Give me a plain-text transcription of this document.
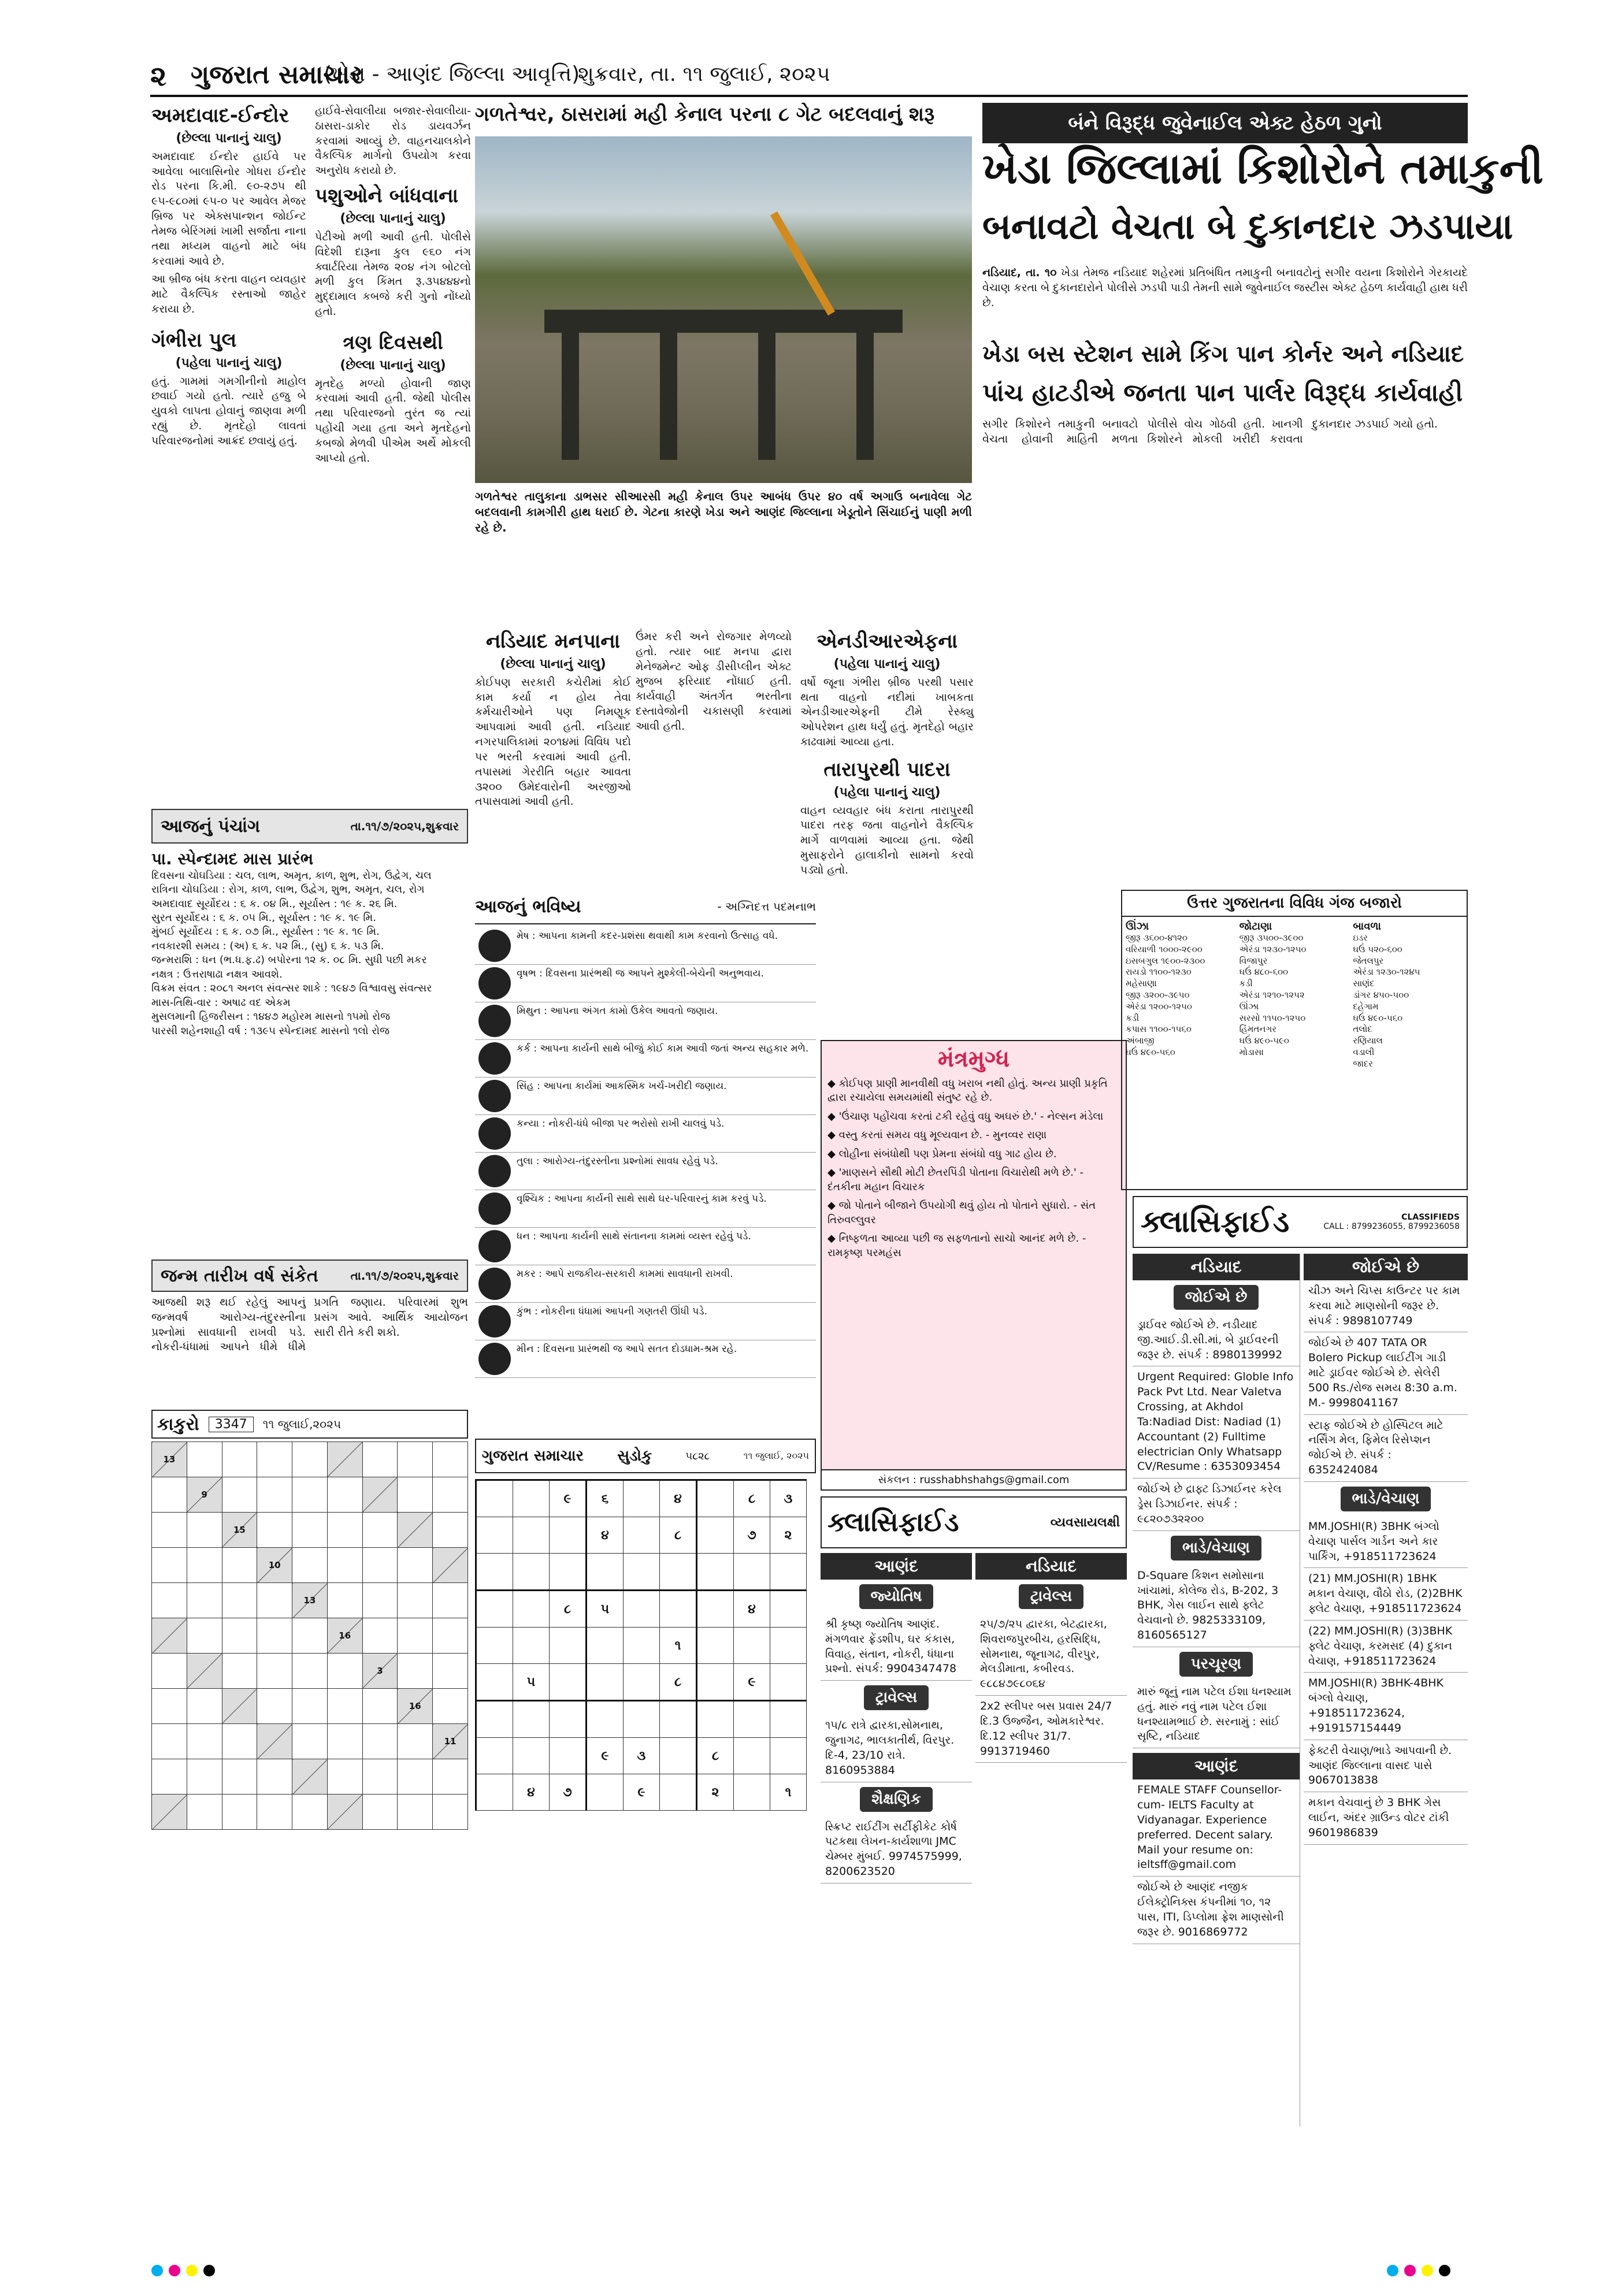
૨ ગુજરાત સમાચાર
(ખેડા - આણંદ જિલ્લા આવૃત્તિ)
શુક્રવાર, તા. ૧૧ જુલાઈ, ૨૦૨૫
અમદાવાદ-ઈન્દોર
(છેલ્લા પાનાનું ચાલુ)

અમદાવાદ ઈન્દોર હાઈવે પર આવેલા બાલાસિનોર ગોધરા ઈન્દોર રોડ પરના કિ.મી. ૯૦-૨૭૫ થી ૯૫-૯૮૦માં ૯૫-૦ પર આવેલ મેજર બ્રિજ પર એક્સપાન્શન જોઈન્ટ તેમજ બેરિંગમાં ખામી સર્જાતા નાના તથા મધ્યમ વાહનો માટે બંધ કરવામાં આવે છે.

આ બ્રીજ બંધ કરતા વાહન વ્યવહાર માટે વૈકલ્પિક રસ્તાઓ જાહેર કરાયા છે.

ગંભીરા પુલ
(પહેલા પાનાનું ચાલુ)

હતું. ગામમાં ગમગીનીનો માહોલ છવાઈ ગયો હતો. ત્યારે હજુ બે યુવકો લાપતા હોવાનું જાણવા મળી રહ્યું છે. મૃતદેહો લાવતાં પરિવારજનોમાં આક્રંદ છવાયું હતું.

હાઈવે-સેવાલીયા બજાર-સેવાલીયા-ઠાસરા-ડાકોર રોડ ડાયવર્ઝન કરવામાં આવ્યું છે. વાહનચાલકોને વૈકલ્પિક માર્ગનો ઉપયોગ કરવા અનુરોધ કરાયો છે.

પશુઓને બાંધવાના
(છેલ્લા પાનાનું ચાલુ)

પેટીઓ મળી આવી હતી. પોલીસે વિદેશી દારૂના કુલ ૯૬૦ નંગ ક્વાર્ટરિયા તેમજ ૨૦૪ નંગ બોટલો મળી કુલ કિંમત રૂ.૩૫૪૪૪નો મુદ્દામાલ કબજે કરી ગુનો નોંધ્યો હતો.

ત્રણ દિવસથી
(છેલ્લા પાનાનું ચાલુ)

મૃતદેહ મળ્યો હોવાની જાણ કરવામાં આવી હતી. જેથી પોલીસ તથા પરિવારજનો તુરંત જ ત્યાં પહોંચી ગયા હતા અને મૃતદેહનો કબજો મેળવી પીએમ અર્થે મોકલી આપ્યો હતો.

ગળતેશ્વર, ઠાસરામાં મહી કેનાલ પરના ૮ ગેટ બદલવાનું શરૂ
ગળતેશ્વર તાલુકાના ડાભસર સીઆરસી મહી કેનાલ ઉપર આબંધ ઉપર ૪૦ વર્ષ અગાઉ બનાવેલા ગેટ બદલવાની કામગીરી હાથ ધરાઈ છે. ગેટના કારણે ખેડા અને આણંદ જિલ્લાના ખેડૂતોને સિંચાઈનું પાણી મળી રહે છે.
બંને વિરૂદ્ધ જુવેનાઈલ એક્ટ હેઠળ ગુનો
ખેડા જિલ્લામાં કિશોરોને તમાકુની
બનાવટો વેચતા બે દુકાનદાર ઝડપાયા
નડિયાદ, તા. ૧૦ ખેડા તેમજ નડિયાદ શહેરમાં પ્રતિબંધિત તમાકુની બનાવટોનું સગીર વયના કિશોરોને ગેરકાયદે વેચાણ કરતા બે દુકાનદારોને પોલીસે ઝડપી પાડી તેમની સામે જુવેનાઈલ જસ્ટીસ એક્ટ હેઠળ કાર્યવાહી હાથ ધરી છે.
ખેડા બસ સ્ટેશન સામે કિંગ પાન કોર્નર અને નડિયાદ
પાંચ હાટડીએ જનતા પાન પાર્લર વિરૂદ્ધ કાર્યવાહી
સગીર કિશોરને તમાકુની બનાવટો વેચતા હોવાની માહિતી મળતા પોલીસે વોચ ગોઠવી હતી. ખાનગી કિશોરને મોકલી ખરીદી કરાવતા દુકાનદાર ઝડપાઈ ગયો હતો.
નડિયાદ મનપાના
(છેલ્લા પાનાનું ચાલુ)

કોઈપણ સરકારી કચેરીમાં કોઈ કામ કર્યા ન હોય તેવા કર્મચારીઓને પણ નિમણૂક આપવામાં આવી હતી. નડિયાદ નગરપાલિકામાં ૨૦૧૪માં વિવિધ પદો પર ભરતી કરવામાં આવી હતી. તપાસમાં ગેરરીતિ બહાર આવતા ૩૨૦૦ ઉમેદવારોની અરજીઓ તપાસવામાં આવી હતી.

ઉંમર કરી અને રોજગાર મેળવ્યો હતો. ત્યાર બાદ મનપા દ્વારા મેનેજમેન્ટ ઓફ ડીસીપ્લીન એક્ટ મુજબ ફરિયાદ નોંધાઈ હતી. કાર્યવાહી અંતર્ગત ભરતીના દસ્તાવેજોની ચકાસણી કરવામાં આવી હતી.
એનડીઆરએફના
(પહેલા પાનાનું ચાલુ)

વર્ષો જૂના ગંભીરા બ્રીજ પરથી પસાર થતા વાહનો નદીમાં ખાબકતા એનડીઆરએફની ટીમે રેસ્ક્યુ ઓપરેશન હાથ ધર્યું હતું. મૃતદેહો બહાર કાઢવામાં આવ્યા હતા.

તારાપુરથી પાદરા
(પહેલા પાનાનું ચાલુ)

વાહન વ્યવહાર બંધ કરાતા તારાપુરથી પાદરા તરફ જતા વાહનોને વૈકલ્પિક માર્ગે વાળવામાં આવ્યા હતા. જેથી મુસાફરોને હાલાકીનો સામનો કરવો પડ્યો હતો.

આજનું પંચાંગ	તા.૧૧/૭/૨૦૨૫,શુક્રવાર
પા. સ્પેન્દામદ માસ પ્રારંભ
દિવસના ચોઘડિયા : ચલ, લાભ, અમૃત, કાળ, શુભ, રોગ, ઉદ્વેગ, ચલ
રાત્રિના ચોઘડિયા : રોગ, કાળ, લાભ, ઉદ્વેગ, શુભ, અમૃત, ચલ, રોગ
અમદાવાદ સૂર્યોદય : ૬ ક. ૦૪ મિ., સૂર્યાસ્ત : ૧૯ ક. ૨૬ મિ.
સુરત સૂર્યોદય : ૬ ક. ૦૫ મિ., સૂર્યાસ્ત : ૧૯ ક. ૧૯ મિ.
મુંબઈ સૂર્યોદય : ૬ ક. ૦૭ મિ., સૂર્યાસ્ત : ૧૯ ક. ૧૯ મિ.
નવકારશી સમય : (અ) ૬ ક. ૫૨ મિ., (સુ) ૬ ક. ૫૩ મિ.
જન્મરાશિ : ધન (ભ.ધ.ફ.ઢ) બપોરના ૧૨ ક. ૦૮ મિ. સુધી પછી મકર
નક્ષત્ર : ઉત્તરાષાઢા નક્ષત્ર આવશે.
વિક્રમ સંવત : ૨૦૮૧ અનલ સંવત્સર શાકે : ૧૯૪૭ વિશ્વાવસુ સંવત્સર
માસ-તિથિ-વાર : અષાઢ વદ એકમ
મુસલમાની હિજરીસન : ૧૪૪૭ મહોરમ માસનો ૧૫મો રોજ
પારસી શહેનશાહી વર્ષ : ૧૩૯૫ સ્પેન્દામદ માસનો ૧લો રોજ
જન્મ તારીખ વર્ષ સંકેત	તા.૧૧/૭/૨૦૨૫,શુક્રવાર
આજથી શરૂ થઈ રહેલું આપનું જન્મવર્ષ આરોગ્ય-તંદુરસ્તીના પ્રશ્નોમાં સાવધાની રાખવી પડે. નોકરી-ધંધામાં આપને ધીમે ધીમે પ્રગતિ જણાય. પરિવારમાં શુભ પ્રસંગ આવે. આર્થિક આયોજન સારી રીતે કરી શકો.
કાકુરો	3347	૧૧ જુલાઈ,૨૦૨૫
13								
	9							
		15						
			10					
				13				
					16			
						3		
							16	
								11

આજનું ભવિષ્ય	- અગ્નિદત્ત પદમનાભ
મેષ : આપના કામની કદર-પ્રશંસા થવાથી કામ કરવાનો ઉત્સાહ વધે.
વૃષભ : દિવસના પ્રારંભથી જ આપને મુશ્કેલી-બેચેની અનુભવાય.
મિથુન : આપના અંગત કામો ઉકેલ આવતો જણાય.
કર્ક : આપના કાર્યની સાથે બીજું કોઈ કામ આવી જતાં અન્ય સહકાર મળે.
સિંહ : આપના કાર્યમાં આકસ્મિક ખર્ચ-ખરીદી જણાય.
કન્યા : નોકરી-ધંધે બીજા પર ભરોસો રાખી ચાલવું પડે.
તુલા : આરોગ્ય-તંદુરસ્તીના પ્રશ્નોમાં સાવધ રહેવું પડે.
વૃશ્ચિક : આપના કાર્યની સાથે સાથે ઘર-પરિવારનું કામ કરવું પડે.
ધન : આપના કાર્યની સાથે સંતાનના કામમાં વ્યસ્ત રહેવું પડે.
મકર : આપે રાજકીય-સરકારી કામમાં સાવધાની રાખવી.
કુંભ : નોકરીના ધંધામાં આપની ગણતરી ઊંધી પડે.
મીન : દિવસના પ્રારંભથી જ આપે સતત દોડધામ-શ્રમ રહે.
ગુજરાત સમાચાર સુડોકુ	૫૮૨૮	૧૧ જુલાઈ, ૨૦૨૫
		૯	૬		૪		૮	૩
			૪		૮		૭	૨

		૮	૫				૪	
					૧			
	૫				૮		૯	

			૯	૩		૮		
	૪	૭		૯		૨		૧
મંત્રમુગ્ધ
◆ કોઈપણ પ્રાણી માનવીથી વધુ ખરાબ નથી હોતું. અન્ય પ્રાણી પ્રકૃતિ દ્વારા રચાયેલા સમયમાંથી સંતુષ્ટ રહે છે.
◆ 'ઉંચાણ પહોંચવા કરતાં ટકી રહેવું વધુ અઘરું છે.' - નેલ્સન મંડેલા
◆ વસ્તુ કરતાં સમય વધુ મૂલ્યવાન છે. - મુનવ્વર રાણા
◆ લોહીના સંબંધોથી પણ પ્રેમના સંબંધો વધુ ગાઢ હોય છે.
◆ 'માણસને સૌથી મોટી છેતરપિંડી પોતાના વિચારોથી મળે છે.' - દંતકીના મહાન વિચારક
◆ જો પોતાને બીજાને ઉપયોગી થવું હોય તો પોતાને સુધારો. - સંત તિરુવલ્લુવર
◆ નિષ્ફળતા આવ્યા પછી જ સફળતાનો સાચો આનંદ મળે છે. - રામકૃષ્ણ પરમહંસ
સંકલન : russhabhshahgs@gmail.com
ઉત્તર ગુજરાતના વિવિધ ગંજ બજારો
ઊંઝા
જીરૂ ૩૬૦૦-૪૧૨૦
વરિયાળી ૧૦૦૦-૨૯૦૦
ઇસબગુલ ૧૯૦૦-૨૩૦૦
રાયડો ૧૧૦૦-૧૨૩૦
મહેસાણા
જીરૂ ૩૨૦૦-૩૯૫૦
એરંડા ૧૨૦૦-૧૨૫૦
કડી
કપાસ ૧૧૦૦-૧૫૬૦
અંબાજી
ઘઉં ૪૯૦-૫૬૦
જોટાણા
જીરૂ ૩૫૦૦-૩૯૦૦
એરંડા ૧૨૩૦-૧૨૫૦
વિજાપુર
ઘઉં ૪૮૦-૬૦૦
કડી
એરંડા ૧૨૧૦-૧૨૫૨
ઊંઝા
સરસો ૧૧૫૦-૧૨૫૦
હિંમતનગર
ઘઉં ૪૯૦-૫૯૦
મોડાસા
બાવળા
ઇડર
ઘઉં ૫૨૦-૬૦૦
જેતલપુર
એરંડા ૧૨૩૦-૧૨૪૫
સાણંદ
ડાંગર ૪૫૦-૫૦૦
દહેગામ
ઘઉં ૪૯૦-૫૬૦
તલોદ
રણિયાલ
વડાલી
જાદર
ક્લાસિફાઈડ	CLASSIFIEDS
CALL : 8799236055, 8799236058
નડિયાદ
જોઈએ છે
ડ્રાઈવર જોઈએ છે. નડીયાદ જી.આઈ.ડી.સી.માં, બે ડ્રાઈવરની જરૂર છે. સંપર્ક : 8980139992
Urgent Required: Globle Info Pack Pvt Ltd. Near Valetva Crossing, at Akhdol Ta:Nadiad Dist: Nadiad (1) Accountant (2) Fulltime electrician Only Whatsapp CV/Resume : 6353093454
જોઈએ છે દ્રાફ્ટ ડિઝાઈનર કરેલ ડ્રેસ ડિઝાઈનર. સંપર્ક : ૯૮૨૦૭૩૨૨૦૦
ભાડે/વેચાણ
D-Square કિશન સમોસાના ખાંચામાં, કોલેજ રોડ, B-202, 3 BHK, ગેસ લાઈન સાથે ફ્લેટ વેચવાનો છે. 9825333109, 8160565127
પરચૂરણ
મારું જૂનું નામ પટેલ ઈશા ધનશ્યામ હતું. મારું નવું નામ પટેલ ઈશા ધનશ્યામભાઈ છે. સરનામું : સાંઈ સૃષ્ટિ, નડિયાદ
આણંદ
FEMALE STAFF Counsellor- cum- IELTS Faculty at Vidyanagar. Experience preferred. Decent salary. Mail your resume on: ieltsff@gmail.com
જોઈએ છે આણંદ નજીક ઈલેક્ટ્રોનિક્સ કંપનીમાં ૧૦, ૧૨ પાસ, ITI, ડિપ્લોમા ફ્રેશ માણસોની જરૂર છે. 9016869772
જોઈએ છે
ચીઝ અને ચિપ્સ કાઉન્ટર પર કામ કરવા માટે માણસોની જરૂર છે. સંપર્ક : 9898107749
જોઈએ છે 407 TATA OR Bolero Pickup લાઈટીંગ ગાડી માટે ડ્રાઈવર જોઈએ છે. સેલેરી 500 Rs./રોજ સમય 8:30 a.m. M.- 9998041167
સ્ટાફ જોઈએ છે હોસ્પિટલ માટે નર્સિંગ મેલ, ફિમેલ રિસેપ્શન જોઈએ છે. સંપર્ક : 6352424084
ભાડે/વેચાણ
MM.JOSHI(R) 3BHK બંગ્લો વેચાણ પાર્સલ ગાર્ડન અને કાર પાર્કિંગ, +918511723624
(21) MM.JOSHI(R) 1BHK મકાન વેચાણ, વૌઠો રોડ, (2)2BHK ફ્લેટ વેચાણ, +918511723624
(22) MM.JOSHI(R) (3)3BHK ફ્લેટ વેચાણ, કરમસદ (4) દુકાન વેચાણ, +918511723624
MM.JOSHI(R) 3BHK-4BHK બંગ્લો વેચાણ, +918511723624, +919157154449
ફેક્ટરી વેચાણ/ભાડે આપવાની છે. આણંદ જિલ્લાના વાસદ પાસે 9067013838
મકાન વેચવાનું છે 3 BHK ગેસ લાઈન, અંદર ગ્રાઉન્ડ વોટર ટાંકી 9601986839
ક્લાસિફાઈડ	વ્યવસાયલક્ષી
આણંદ
જ્યોતિષ
શ્રી કૃષ્ણ જ્યોતિષ આણંદ. મંગળવાર ફ્રેંડશીપ, ઘર કંકાસ, વિવાહ, સંતાન, નોકરી, ધંધાના પ્રશ્નો. સંપર્ક: 9904347478
ટ્રાવેલ્સ
૧૫/૮ રાત્રે દ્વારકા,સોમનાથ, જુનાગઢ, ભાલકાતીર્થ, વિરપુર. દિ-4, 23/10 રાત્રે. 8160953884
શૈક્ષણિક
સ્ક્રિપ્ટ રાઈટીંગ સર્ટીફીકેટ કોર્ષ પટકથા લેખન-કાર્યશાળા JMC ચેમ્બર મુંબઈ. 9974575999, 8200623520
નડિયાદ
ટ્રાવેલ્સ
૨૫/૭/૨૫ દ્વારકા, બેટદ્વારકા, શિવરાજપુરબીચ, હરસિદ્ધિ, સોમનાથ, જૂનાગઢ, વીરપુર, મેલડીમાતા, કબીરવડ. ૯૮૮૪૭૯૮૦૬૪
2x2 સ્લીપર બસ પ્રવાસ 24/7 દિ.3 ઉજ્જૈન, ઓમકારેશ્વર. દિ.12 સ્લીપર 31/7. 9913719460
